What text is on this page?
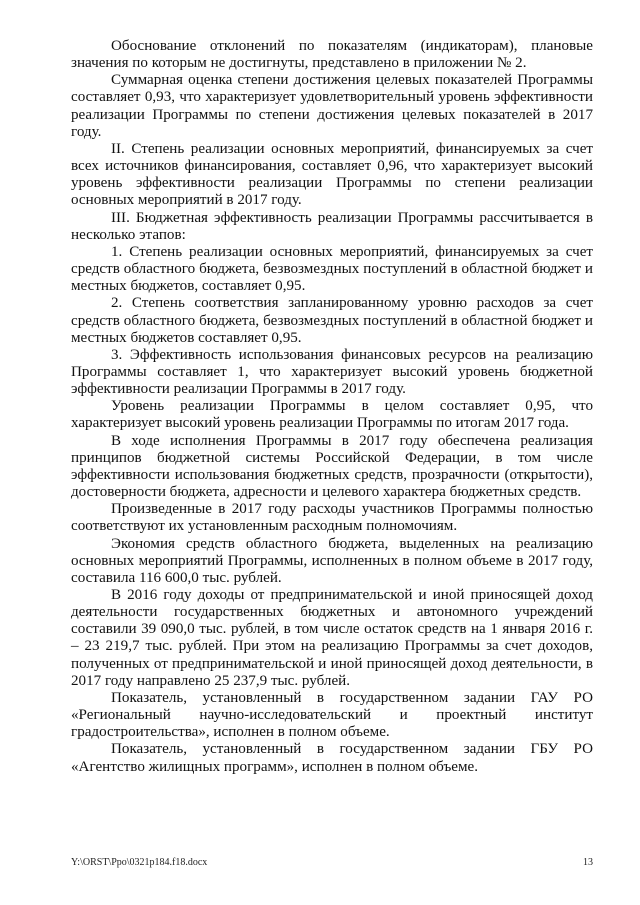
Обоснование отклонений по показателям (индикаторам), плановые значения по которым не достигнуты, представлено в приложении № 2.

Суммарная оценка степени достижения целевых показателей Программы составляет 0,93, что характеризует удовлетворительный уровень эффективности реализации Программы по степени достижения целевых показателей в 2017 году.

II. Степень реализации основных мероприятий, финансируемых за счет всех источников финансирования, составляет 0,96, что характеризует высокий уровень эффективности реализации Программы по степени реализации основных мероприятий в 2017 году.

III. Бюджетная эффективность реализации Программы рассчитывается в несколько этапов:

1. Степень реализации основных мероприятий, финансируемых за счет средств областного бюджета, безвозмездных поступлений в областной бюджет и местных бюджетов, составляет 0,95.

2. Степень соответствия запланированному уровню расходов за счет средств областного бюджета, безвозмездных поступлений в областной бюджет и местных бюджетов составляет 0,95.

3. Эффективность использования финансовых ресурсов на реализацию Программы составляет 1, что характеризует высокий уровень бюджетной эффективности реализации Программы в 2017 году.

Уровень реализации Программы в целом составляет 0,95, что характеризует высокий уровень реализации Программы по итогам 2017 года.

В ходе исполнения Программы в 2017 году обеспечена реализация принципов бюджетной системы Российской Федерации, в том числе эффективности использования бюджетных средств, прозрачности (открытости), достоверности бюджета, адресности и целевого характера бюджетных средств.

Произведенные в 2017 году расходы участников Программы полностью соответствуют их установленным расходным полномочиям.

Экономия средств областного бюджета, выделенных на реализацию основных мероприятий Программы, исполненных в полном объеме в 2017 году, составила 116 600,0 тыс. рублей.

В 2016 году доходы от предпринимательской и иной приносящей доход деятельности государственных бюджетных и автономного учреждений составили 39 090,0 тыс. рублей, в том числе остаток средств на 1 января 2016 г. – 23 219,7 тыс. рублей. При этом на реализацию Программы за счет доходов, полученных от предпринимательской и иной приносящей доход деятельности, в 2017 году направлено 25 237,9 тыс. рублей.

Показатель, установленный в государственном задании ГАУ РО «Региональный научно-исследовательский и проектный институт градостроительства», исполнен в полном объеме.

Показатель, установленный в государственном задании ГБУ РО «Агентство жилищных программ», исполнен в полном объеме.

Y:\ORST\Ppo\0321p184.f18.docx	13
